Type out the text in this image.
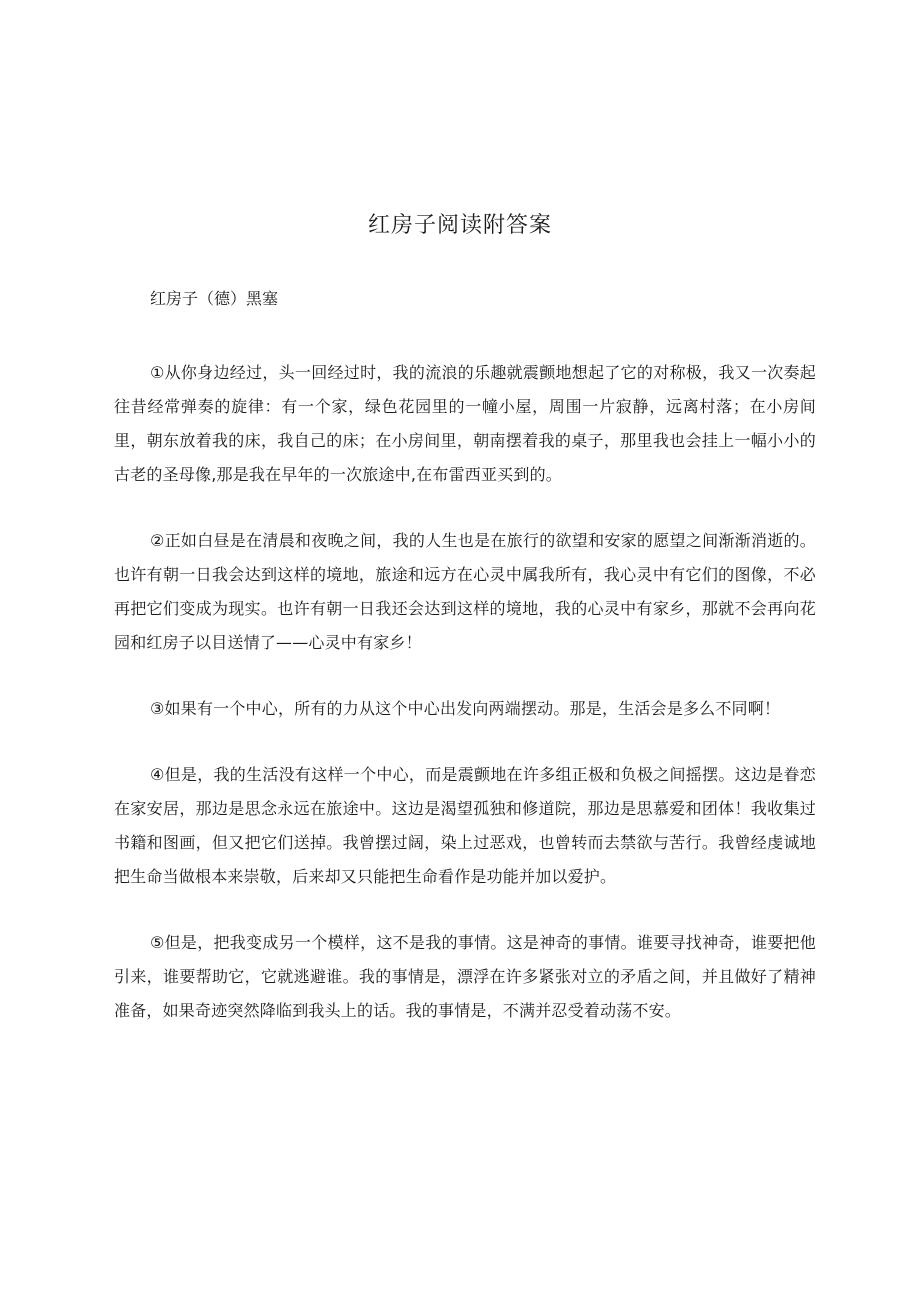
红房子阅读附答案

红房子（德）黑塞

①从你身边经过，头一回经过时，我的流浪的乐趣就震颤地想起了它的对称极，我又一次奏起往昔经常弹奏的旋律：有一个家，绿色花园里的一幢小屋，周围一片寂静，远离村落；在小房间里，朝东放着我的床，我自己的床；在小房间里，朝南摆着我的桌子，那里我也会挂上一幅小小的古老的圣母像,那是我在早年的一次旅途中,在布雷西亚买到的。

②正如白昼是在清晨和夜晚之间，我的人生也是在旅行的欲望和安家的愿望之间渐渐消逝的。也许有朝一日我会达到这样的境地，旅途和远方在心灵中属我所有，我心灵中有它们的图像，不必再把它们变成为现实。也许有朝一日我还会达到这样的境地，我的心灵中有家乡，那就不会再向花园和红房子以目送情了——心灵中有家乡！

③如果有一个中心，所有的力从这个中心出发向两端摆动。那是，生活会是多么不同啊！

④但是，我的生活没有这样一个中心，而是震颤地在许多组正极和负极之间摇摆。这边是眷恋在家安居，那边是思念永远在旅途中。这边是渴望孤独和修道院，那边是思慕爱和团体！我收集过书籍和图画，但又把它们送掉。我曾摆过阔，染上过恶戏，也曾转而去禁欲与苦行。我曾经虔诚地把生命当做根本来崇敬，后来却又只能把生命看作是功能并加以爱护。

⑤但是，把我变成另一个模样，这不是我的事情。这是神奇的事情。谁要寻找神奇，谁要把他引来，谁要帮助它，它就逃避谁。我的事情是，漂浮在许多紧张对立的矛盾之间，并且做好了精神准备，如果奇迹突然降临到我头上的话。我的事情是，不满并忍受着动荡不安。
